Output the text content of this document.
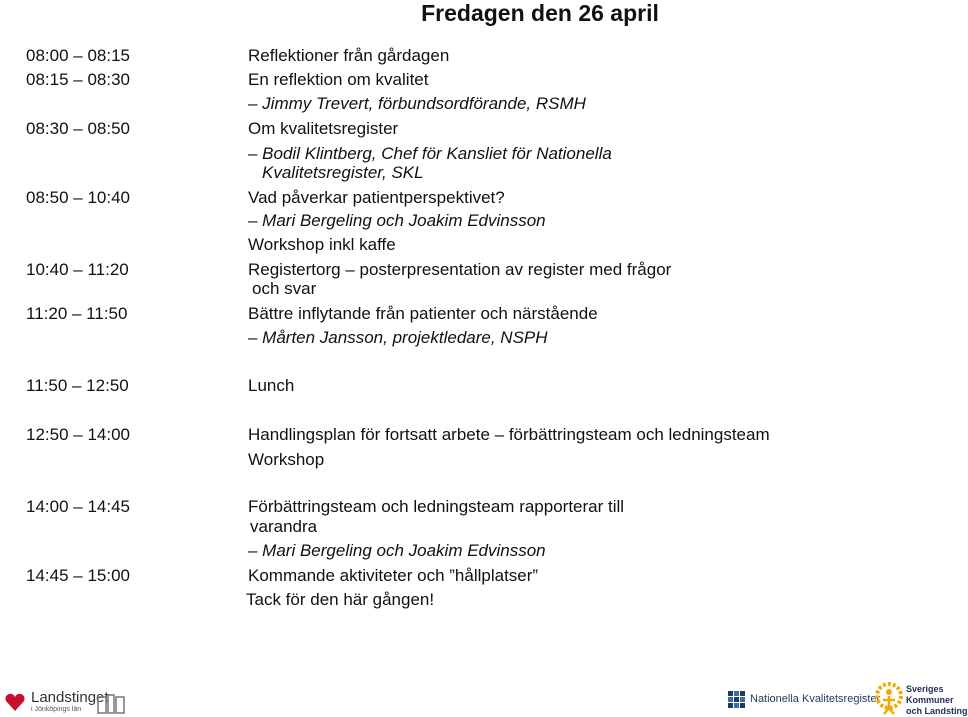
Fredagen den 26 april
08:00 – 08:15	Reflektioner från gårdagen
08:15 – 08:30	En reflektion om kvalitet
– Jimmy Trevert, förbundsordförande, RSMH
08:30 – 08:50	Om kvalitetsregister
– Bodil Klintberg, Chef för Kansliet för Nationella
Kvalitetsregister, SKL
08:50 – 10:40	Vad påverkar patientperspektivet?
– Mari Bergeling och Joakim Edvinsson
Workshop inkl kaffe
10:40 – 11:20	Registertorg – posterpresentation av register med frågor
och svar
11:20 – 11:50	Bättre inflytande från patienter och närstående
– Mårten Jansson, projektledare, NSPH
11:50 – 12:50	Lunch
12:50 – 14:00	Handlingsplan för fortsatt arbete – förbättringsteam och ledningsteam
Workshop
14:00 – 14:45	Förbättringsteam och ledningsteam rapporterar till
varandra
– Mari Bergeling och Joakim Edvinsson
14:45 – 15:00	Kommande aktiviteter och ”hållplatser”
Tack för den här gången!
Landstinget
i Jönköpings län
Nationella Kvalitetsregister
Sveriges
Kommuner
och Landsting
